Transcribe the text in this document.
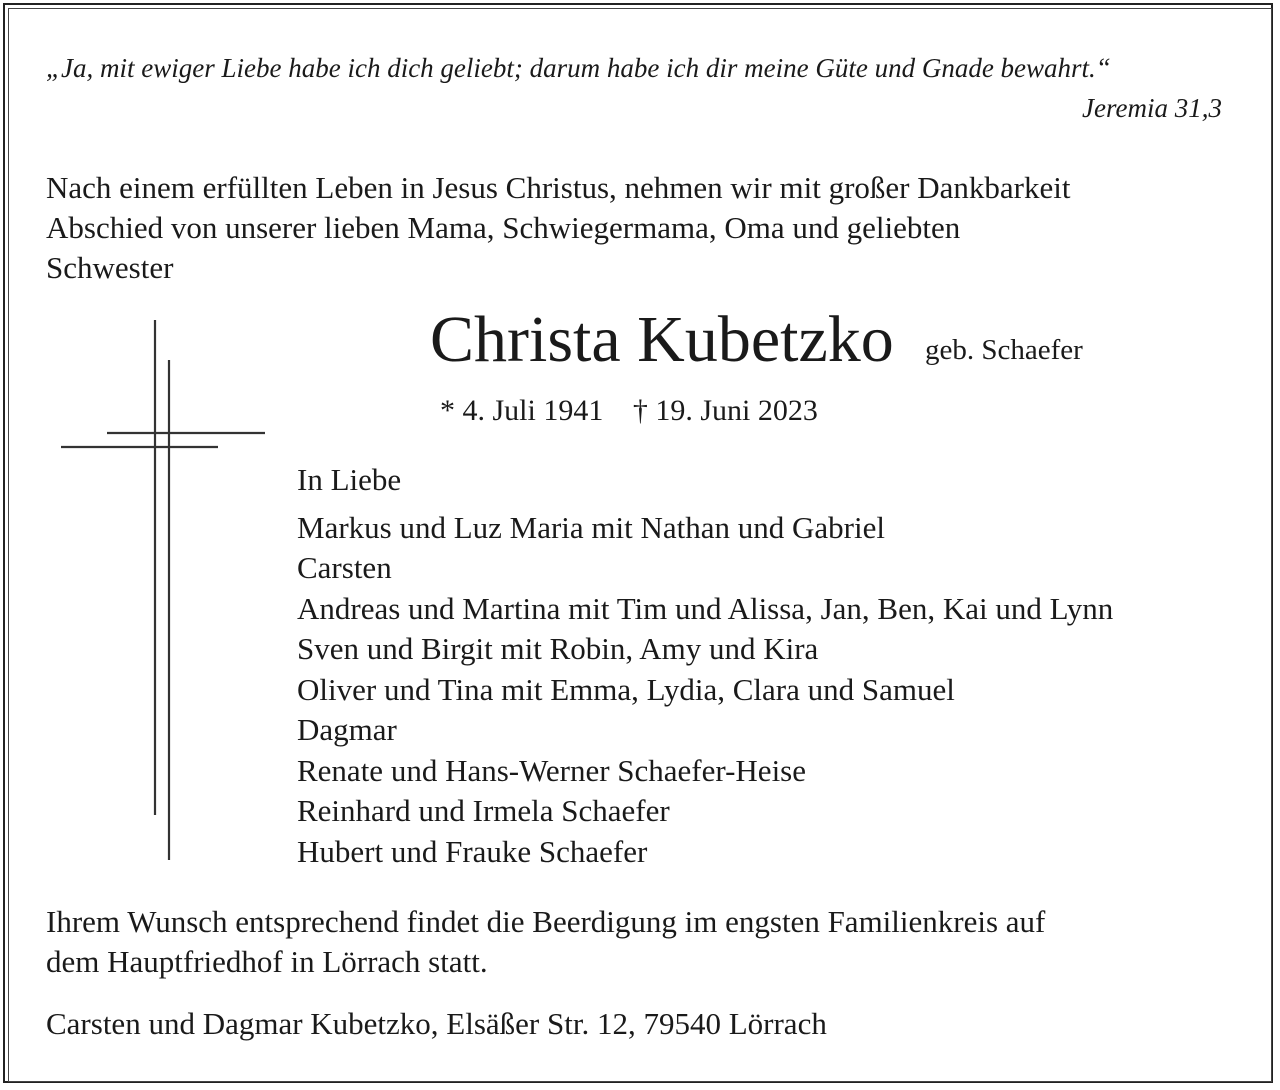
„Ja, mit ewiger Liebe habe ich dich geliebt; darum habe ich dir meine Güte und Gnade bewahrt.“
Jeremia 31,3
Nach einem erfüllten Leben in Jesus Christus, nehmen wir mit großer Dankbarkeit
Abschied von unserer lieben Mama, Schwiegermama, Oma und geliebten
Schwester
Christa Kubetzko geb. Schaefer
* 4. Juli 1941 † 19. Juni 2023
In Liebe
Markus und Luz Maria mit Nathan und Gabriel
Carsten
Andreas und Martina mit Tim und Alissa, Jan, Ben, Kai und Lynn
Sven und Birgit mit Robin, Amy und Kira
Oliver und Tina mit Emma, Lydia, Clara und Samuel
Dagmar
Renate und Hans-Werner Schaefer-Heise
Reinhard und Irmela Schaefer
Hubert und Frauke Schaefer
Ihrem Wunsch entsprechend findet die Beerdigung im engsten Familienkreis auf
dem Hauptfriedhof in Lörrach statt.
Carsten und Dagmar Kubetzko, Elsäßer Str. 12, 79540 Lörrach
